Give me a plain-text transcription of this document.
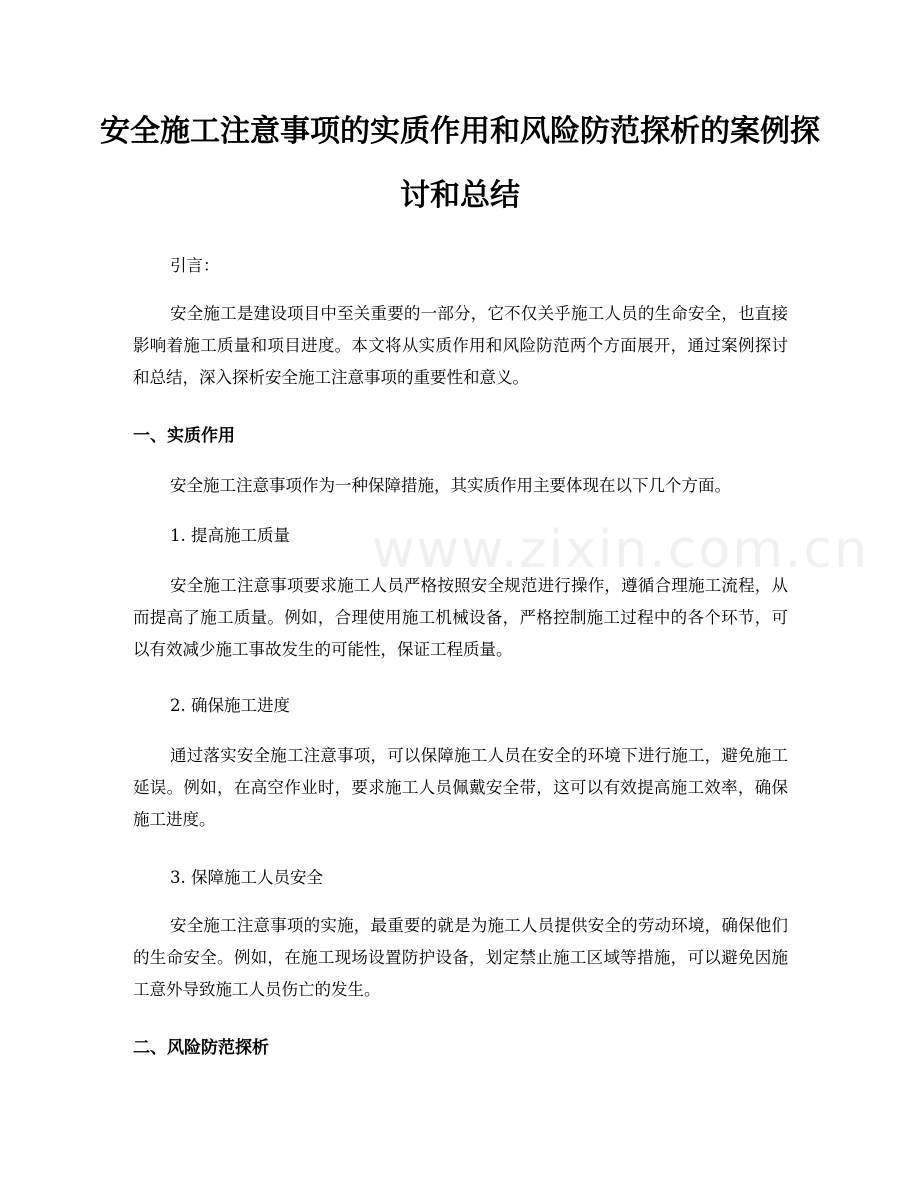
www.zixin.com.cn
安全施工注意事项的实质作用和风险防范探析的案例探讨和总结

引言：

安全施工是建设项目中至关重要的一部分，它不仅关乎施工人员的生命安全，也直接影响着施工质量和项目进度。本文将从实质作用和风险防范两个方面展开，通过案例探讨和总结，深入探析安全施工注意事项的重要性和意义。

一、实质作用

安全施工注意事项作为一种保障措施，其实质作用主要体现在以下几个方面。

1. 提高施工质量

安全施工注意事项要求施工人员严格按照安全规范进行操作，遵循合理施工流程，从而提高了施工质量。例如，合理使用施工机械设备，严格控制施工过程中的各个环节，可以有效减少施工事故发生的可能性，保证工程质量。

2. 确保施工进度

通过落实安全施工注意事项，可以保障施工人员在安全的环境下进行施工，避免施工延误。例如，在高空作业时，要求施工人员佩戴安全带，这可以有效提高施工效率，确保施工进度。

3. 保障施工人员安全

安全施工注意事项的实施，最重要的就是为施工人员提供安全的劳动环境，确保他们的生命安全。例如，在施工现场设置防护设备，划定禁止施工区域等措施，可以避免因施工意外导致施工人员伤亡的发生。

二、风险防范探析
